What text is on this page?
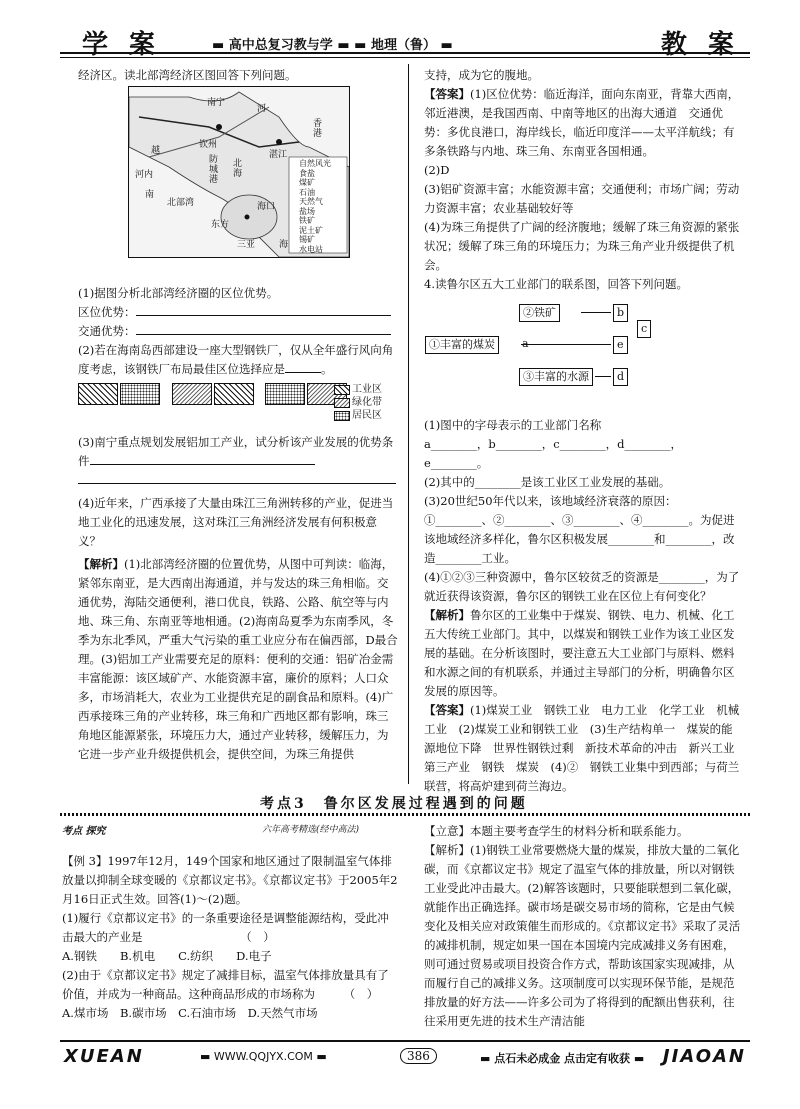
学 案	▬ 高中总复习教与学 ▬ ▬ 地理（鲁） ▬	教 案
经济区。读北部湾经济区图回答下列问题。
南宁
钦州
防城港
北海
湛江
香港
河内
越
北部湾	海口
东方
三亚
南
海
河
自然风光
食盐
煤矿
石油
天然气
盐场
铁矿
泥土矿
锡矿
水电站

(1)据图分析北部湾经济圈的区位优势。

区位优势：

交通优势：

(2)若在海南岛西部建设一座大型钢铁厂，仅从全年盛行风向角度考虑，该钢铁厂布局最佳区位选择应是	。

工业区
绿化带
居民区

(3)南宁重点规划发展铝加工产业，试分析该产业发展的优势条件

(4)近年来，广西承接了大量由珠江三角洲转移的产业，促进当地工业化的迅速发展，这对珠江三角洲经济发展有何积极意义？

【解析】(1)北部湾经济圈的位置优势，从图中可判读：临海，紧邻东南亚，是大西南出海通道，并与发达的珠三角相临。交通优势，海陆交通便利，港口优良，铁路、公路、航空等与内地、珠三角、东南亚等地相通。(2)海南岛夏季为东南季风，冬季为东北季风，严重大气污染的重工业应分布在偏西部，D最合理。(3)铝加工产业需要充足的原料：便利的交通：铝矿冶金需丰富能源：该区域矿产、水能资源丰富，廉价的原料；人口众多，市场消耗大，农业为工业提供充足的副食品和原料。(4)广西承接珠三角的产业转移，珠三角和广西地区都有影响，珠三角地区能源紧张，环境压力大，通过产业转移，缓解压力，为它进一步产业升级提供机会，提供空间，为珠三角提供

支持，成为它的腹地。

【答案】(1)区位优势：临近海洋，面向东南亚，背靠大西南，邻近港澳，是我国西南、中南等地区的出海大通道　交通优势：多优良港口，海岸线长，临近印度洋——太平洋航线；有多条铁路与内地、珠三角、东南亚各国相通。

(2)D

(3)铝矿资源丰富；水能资源丰富；交通便利；市场广阔；劳动力资源丰富；农业基础较好等

(4)为珠三角提供了广阔的经济腹地；缓解了珠三角资源的紧张状况；缓解了珠三角的环境压力；为珠三角产业升级提供了机会。

4.读鲁尔区五大工业部门的联系图，回答下列问题。

②铁矿
①丰富的煤炭
③丰富的水源
b
c
e
d

(1)图中的字母表示的工业部门名称

a________，b________，c________，d________，e________。

(2)其中的________是该工业区工业发展的基础。

(3)20世纪50年代以来，该地域经济衰落的原因：①________、②________、③________、④________。为促进该地域经济多样化，鲁尔区积极发展________和________，改造________工业。

(4)①②③三种资源中，鲁尔区较贫乏的资源是________，为了就近获得该资源，鲁尔区的钢铁工业在区位上有何变化？

【解析】鲁尔区的工业集中于煤炭、钢铁、电力、机械、化工五大传统工业部门。其中，以煤炭和钢铁工业作为该工业区发展的基础。在分析该图时，要注意五大工业部门与原料、燃料和水源之间的有机联系，并通过主导部门的分析，明确鲁尔区发展的原因等。

【答案】(1)煤炭工业　钢铁工业　电力工业　化学工业　机械工业　(2)煤炭工业和钢铁工业　(3)生产结构单一　煤炭的能源地位下降　世界性钢铁过剩　新技术革命的冲击　新兴工业　第三产业　钢铁　煤炭　(4)②　钢铁工业集中到西部；与荷兰联营，将高炉建到荷兰海边。

考点3　鲁尔区发展过程遇到的问题
考点 探究	六年高考精选(经中高法)

【例 3】1997年12月，149个国家和地区通过了限制温室气体排放量以抑制全球变暖的《京都议定书》。《京都议定书》于2005年2月16日正式生效。回答(1)～(2)题。

(1)履行《京都议定书》的一条重要途径是调整能源结构，受此冲击最大的产业是　　　　　　　　　（　）

A.钢铁　　B.机电　　C.纺织　　D.电子

(2)由于《京都议定书》规定了减排目标，温室气体排放量具有了价值，并成为一种商品。这种商品形成的市场称为　　　（　）

A.煤市场　B.碳市场　C.石油市场　D.天然气市场

【立意】本题主要考查学生的材料分析和联系能力。

【解析】(1)钢铁工业常要燃烧大量的煤炭，排放大量的二氧化碳，而《京都议定书》规定了温室气体的排放量，所以对钢铁工业受此冲击最大。(2)解答该题时，只要能联想到二氧化碳，就能作出正确选择。碳市场是碳交易市场的简称，它是由气候变化及相关应对政策催生而形成的。《京都议定书》采取了灵活的减排机制，规定如果一国在本国境内完成减排义务有困难，则可通过贸易或项目投资合作方式，帮助该国家实现减排，从而履行自己的减排义务。这项制度可以实现环保节能，是规范排放量的好方法——许多公司为了将得到的配额出售获利，往往采用更先进的技术生产清洁能

XUEAN	▬ WWW.QQJYX.COM ▬	386	▬ 点石未必成金 点击定有收获 ▬ JIAOAN
